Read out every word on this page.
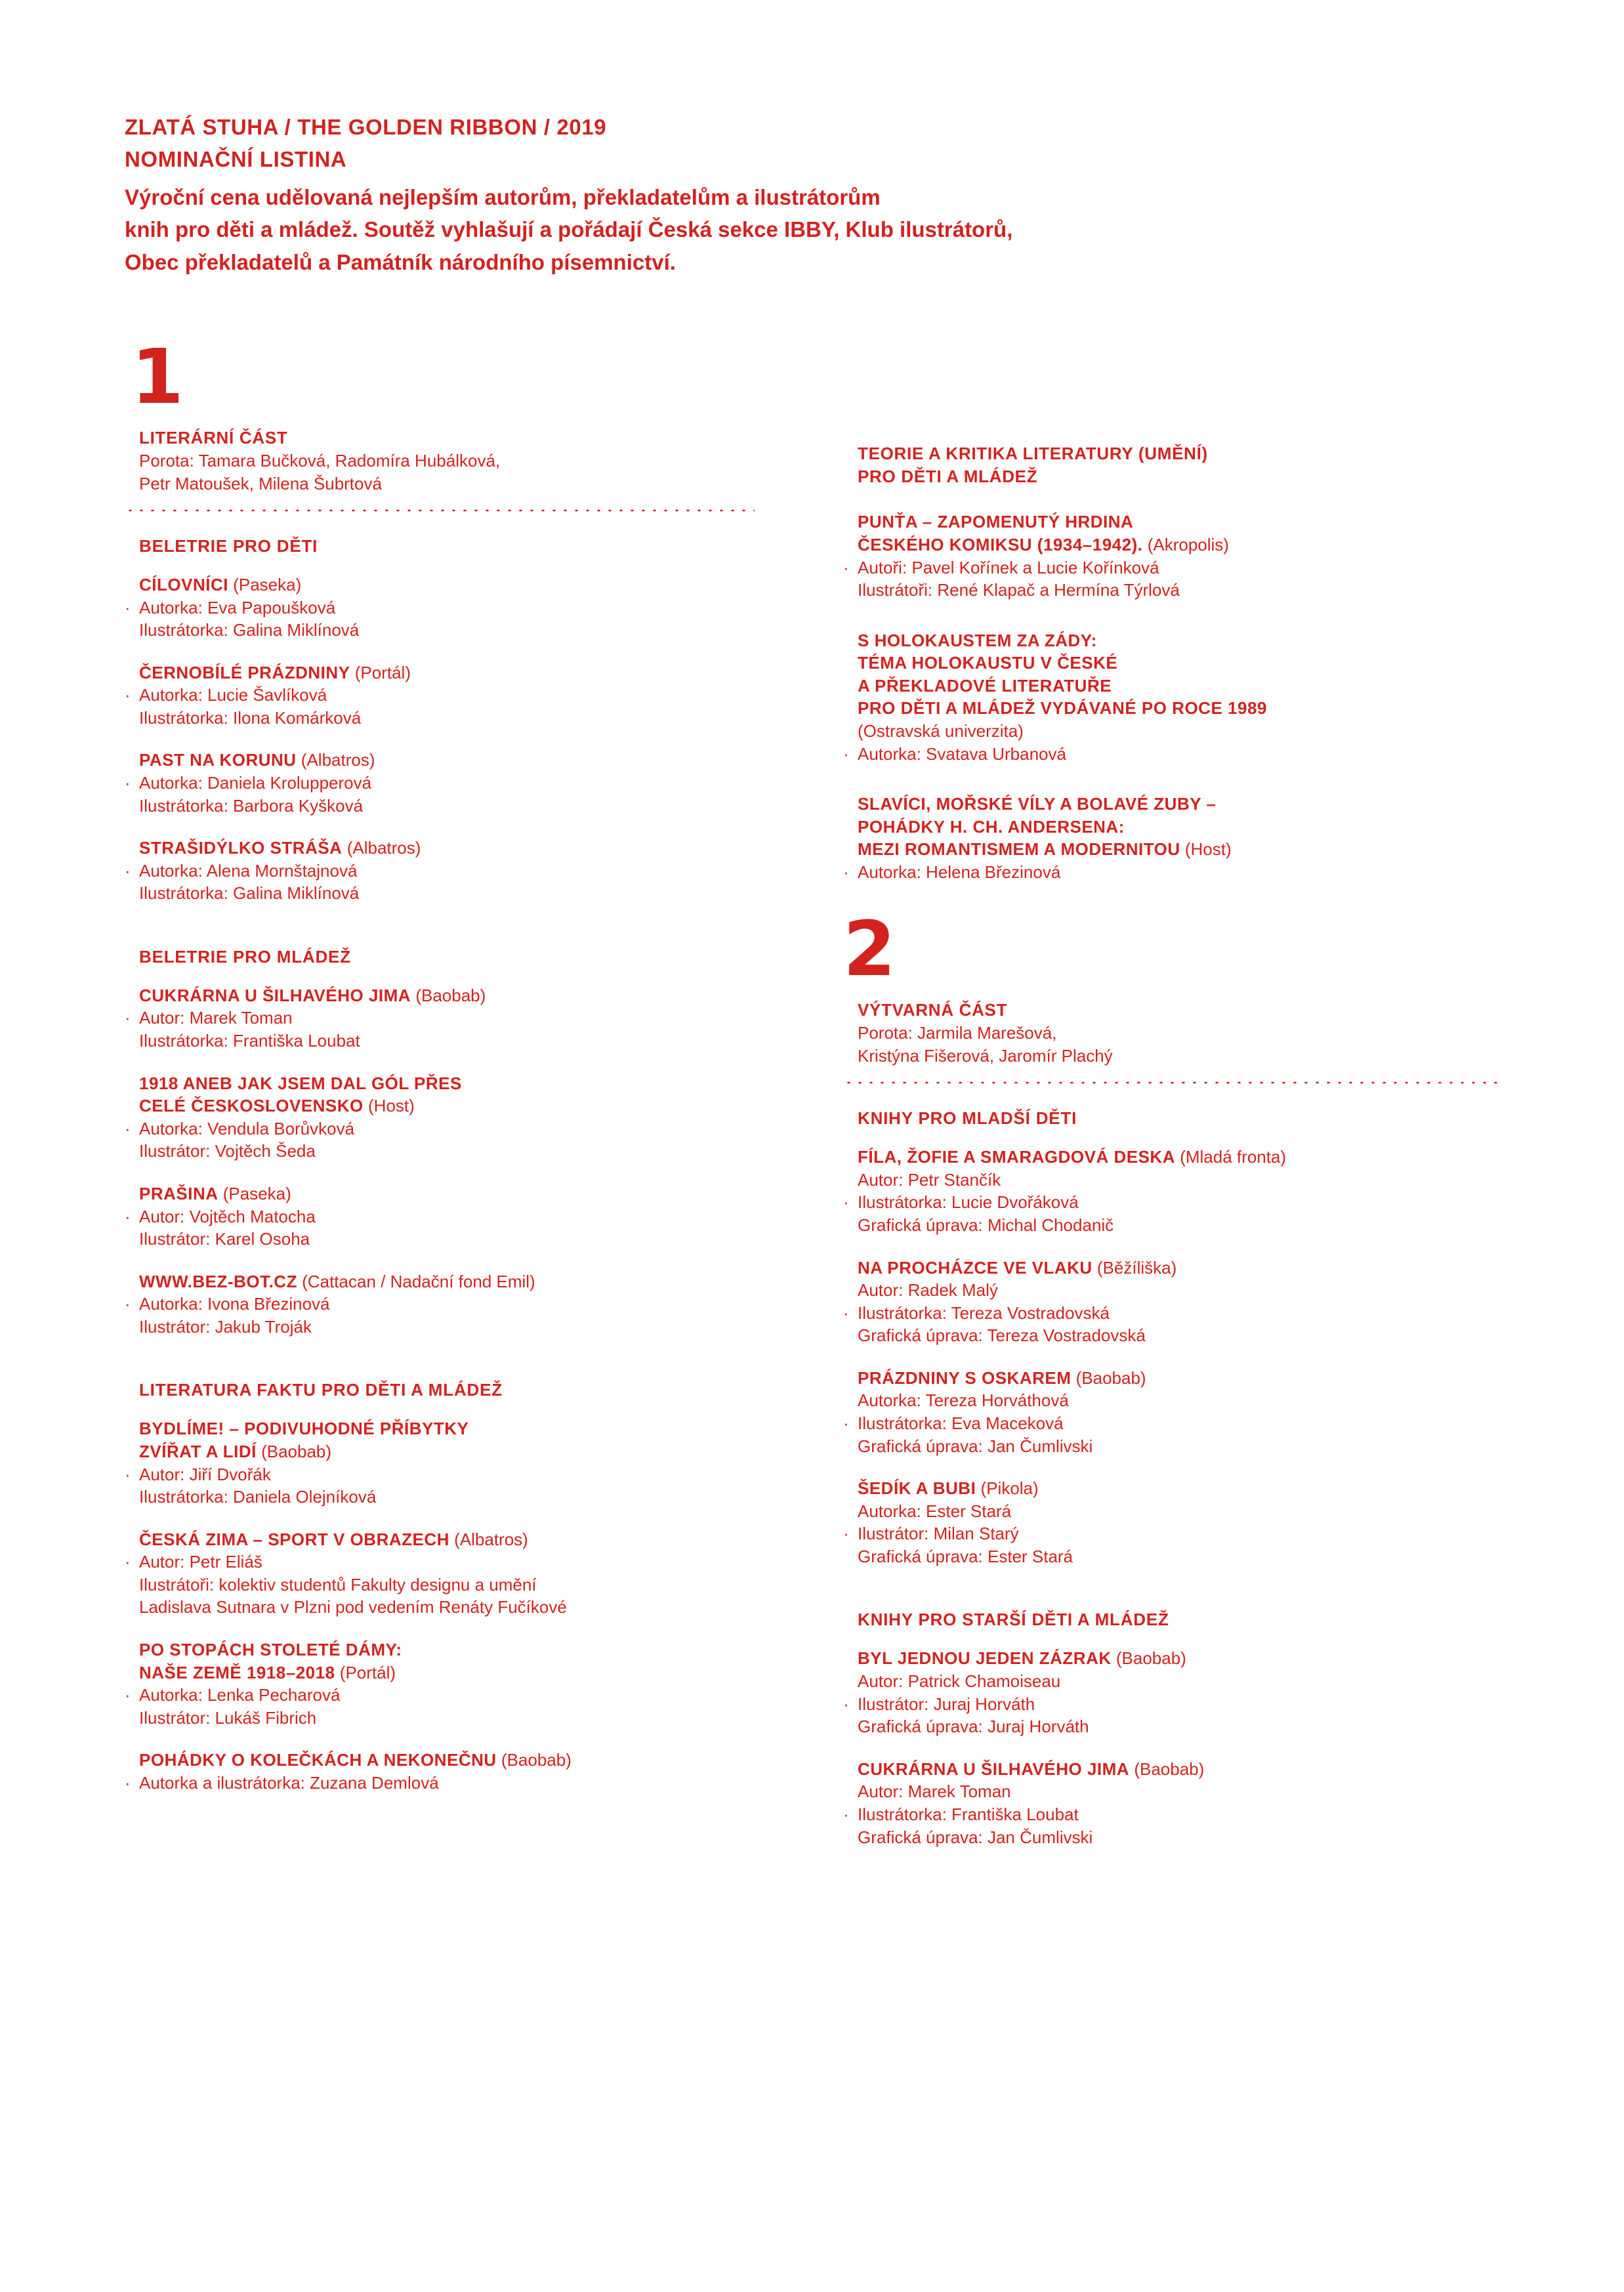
ZLATÁ STUHA / THE GOLDEN RIBBON / 2019
NOMINAČNÍ LISTINA
Výroční cena udělovaná nejlepším autorům, překladatelům a ilustrátorům
knih pro děti a mládež. Soutěž vyhlašují a pořádají Česká sekce IBBY, Klub ilustrátorů,
Obec překladatelů a Památník národního písemnictví.
1
LITERÁRNÍ ČÁST
Porota: Tamara Bučková, Radomíra Hubálková,
Petr Matoušek, Milena Šubrtová
BELETRIE PRO DĚTI
CÍLOVNÍCI (Paseka)
· Autorka: Eva Papoušková
Ilustrátorka: Galina Miklínová
ČERNOBÍLÉ PRÁZDNINY (Portál)
· Autorka: Lucie Šavlíková
Ilustrátorka: Ilona Komárková
PAST NA KORUNU (Albatros)
· Autorka: Daniela Krolupperová
Ilustrátorka: Barbora Kyšková
STRAŠIDÝLKO STRÁŠA (Albatros)
· Autorka: Alena Mornštajnová
Ilustrátorka: Galina Miklínová
BELETRIE PRO MLÁDEŽ
CUKRÁRNA U ŠILHAVÉHO JIMA (Baobab)
· Autor: Marek Toman
Ilustrátorka: Františka Loubat
1918 ANEB JAK JSEM DAL GÓL PŘES
CELÉ ČESKOSLOVENSKO (Host)
· Autorka: Vendula Borůvková
Ilustrátor: Vojtěch Šeda
PRAŠINA (Paseka)
· Autor: Vojtěch Matocha
Ilustrátor: Karel Osoha
WWW.BEZ-BOT.CZ (Cattacan / Nadační fond Emil)
· Autorka: Ivona Březinová
Ilustrátor: Jakub Troják
LITERATURA FAKTU PRO DĚTI A MLÁDEŽ
BYDLÍME! – PODIVUHODNÉ PŘÍBYTKY
ZVÍŘAT A LIDÍ (Baobab)
· Autor: Jiří Dvořák
Ilustrátorka: Daniela Olejníková
ČESKÁ ZIMA – SPORT V OBRAZECH (Albatros)
· Autor: Petr Eliáš
Ilustrátoři: kolektiv studentů Fakulty designu a umění
Ladislava Sutnara v Plzni pod vedením Renáty Fučíkové
PO STOPÁCH STOLETÉ DÁMY:
NAŠE ZEMĚ 1918–2018 (Portál)
· Autorka: Lenka Pecharová
Ilustrátor: Lukáš Fibrich
POHÁDKY O KOLEČKÁCH A NEKONEČNU (Baobab)
· Autorka a ilustrátorka: Zuzana Demlová
TEORIE A KRITIKA LITERATURY (UMĚNÍ)
PRO DĚTI A MLÁDEŽ
PUNŤA – ZAPOMENUTÝ HRDINA
ČESKÉHO KOMIKSU (1934–1942). (Akropolis)
· Autoři: Pavel Kořínek a Lucie Kořínková
Ilustrátoři: René Klapač a Hermína Týrlová
S HOLOKAUSTEM ZA ZÁDY:
TÉMA HOLOKAUSTU V ČESKÉ
A PŘEKLADOVÉ LITERATUŘE
PRO DĚTI A MLÁDEŽ VYDÁVANÉ PO ROCE 1989
(Ostravská univerzita)
· Autorka: Svatava Urbanová
SLAVÍCI, MOŘSKÉ VÍLY A BOLAVÉ ZUBY –
POHÁDKY H. CH. ANDERSENA:
MEZI ROMANTISMEM A MODERNITOU (Host)
· Autorka: Helena Březinová
2
VÝTVARNÁ ČÁST
Porota: Jarmila Marešová,
Kristýna Fišerová, Jaromír Plachý
KNIHY PRO MLADŠÍ DĚTI
FÍLA, ŽOFIE A SMARAGDOVÁ DESKA (Mladá fronta)
Autor: Petr Stančík
· Ilustrátorka: Lucie Dvořáková
Grafická úprava: Michal Chodanič
NA PROCHÁZCE VE VLAKU (Běžíliška)
Autor: Radek Malý
· Ilustrátorka: Tereza Vostradovská
Grafická úprava: Tereza Vostradovská
PRÁZDNINY S OSKAREM (Baobab)
Autorka: Tereza Horváthová
· Ilustrátorka: Eva Maceková
Grafická úprava: Jan Čumlivski
ŠEDÍK A BUBI (Pikola)
Autorka: Ester Stará
· Ilustrátor: Milan Starý
Grafická úprava: Ester Stará
KNIHY PRO STARŠÍ DĚTI A MLÁDEŽ
BYL JEDNOU JEDEN ZÁZRAK (Baobab)
Autor: Patrick Chamoiseau
· Ilustrátor: Juraj Horváth
Grafická úprava: Juraj Horváth
CUKRÁRNA U ŠILHAVÉHO JIMA (Baobab)
Autor: Marek Toman
· Ilustrátorka: Františka Loubat
Grafická úprava: Jan Čumlivski
